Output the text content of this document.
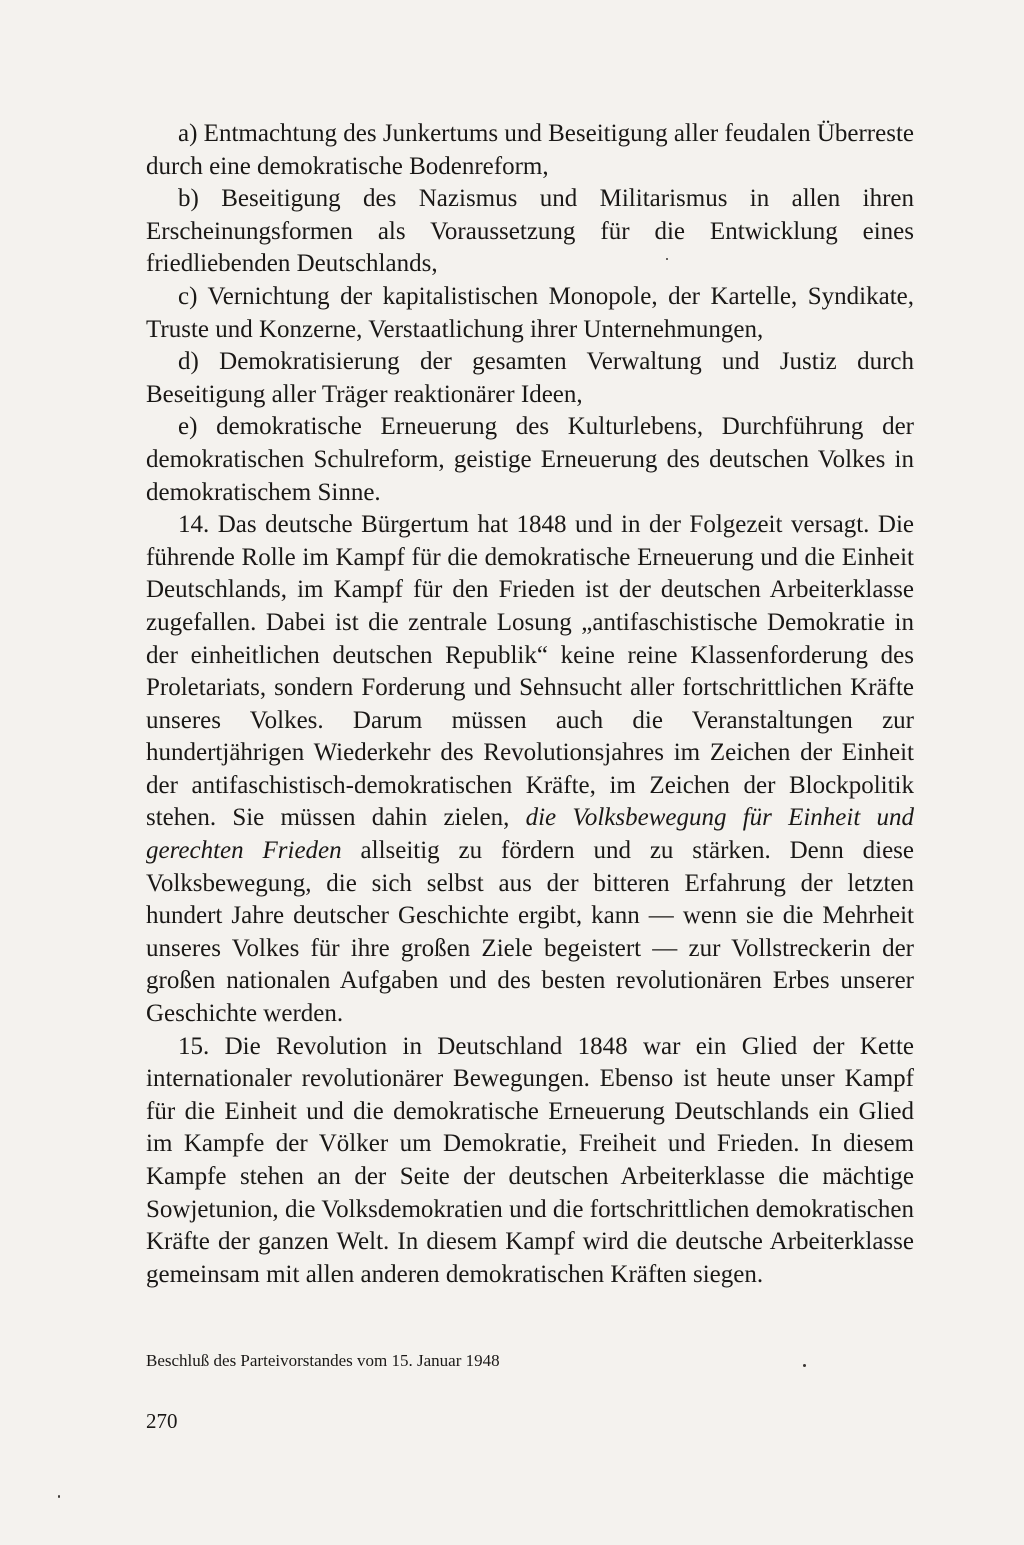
a) Entmachtung des Junkertums und Beseitigung aller feudalen Überreste durch eine demokratische Bodenreform,

b) Beseitigung des Nazismus und Militarismus in allen ihren Erscheinungsformen als Voraussetzung für die Entwicklung eines friedliebenden Deutschlands,

c) Vernichtung der kapitalistischen Monopole, der Kartelle, Syndikate, Truste und Konzerne, Verstaatlichung ihrer Unternehmungen,

d) Demokratisierung der gesamten Verwaltung und Justiz durch Beseitigung aller Träger reaktionärer Ideen,

e) demokratische Erneuerung des Kulturlebens, Durchführung der demokratischen Schulreform, geistige Erneuerung des deutschen Volkes in demokratischem Sinne.

14. Das deutsche Bürgertum hat 1848 und in der Folgezeit versagt. Die führende Rolle im Kampf für die demokratische Erneuerung und die Einheit Deutschlands, im Kampf für den Frieden ist der deutschen Arbeiterklasse zugefallen. Dabei ist die zentrale Losung „antifaschistische Demokratie in der einheitlichen deutschen Republik“ keine reine Klassenforderung des Proletariats, sondern Forderung und Sehnsucht aller fortschrittlichen Kräfte unseres Volkes. Darum müssen auch die Veranstaltungen zur hundertjährigen Wiederkehr des Revolutionsjahres im Zeichen der Einheit der antifaschistisch-demokratischen Kräfte, im Zeichen der Blockpolitik stehen. Sie müssen dahin zielen, die Volksbewegung für Einheit und gerechten Frieden allseitig zu fördern und zu stärken. Denn diese Volksbewegung, die sich selbst aus der bitteren Erfahrung der letzten hundert Jahre deutscher Geschichte ergibt, kann — wenn sie die Mehrheit unseres Volkes für ihre großen Ziele begeistert — zur Vollstreckerin der großen nationalen Aufgaben und des besten revolutionären Erbes unserer Geschichte werden.

15. Die Revolution in Deutschland 1848 war ein Glied der Kette internationaler revolutionärer Bewegungen. Ebenso ist heute unser Kampf für die Einheit und die demokratische Erneuerung Deutschlands ein Glied im Kampfe der Völker um Demokratie, Freiheit und Frieden. In diesem Kampfe stehen an der Seite der deutschen Arbeiterklasse die mächtige Sowjetunion, die Volksdemokratien und die fortschrittlichen demokratischen Kräfte der ganzen Welt. In diesem Kampf wird die deutsche Arbeiterklasse gemeinsam mit allen anderen demokratischen Kräften siegen.

Beschluß des Parteivorstandes vom 15. Januar 1948
270
